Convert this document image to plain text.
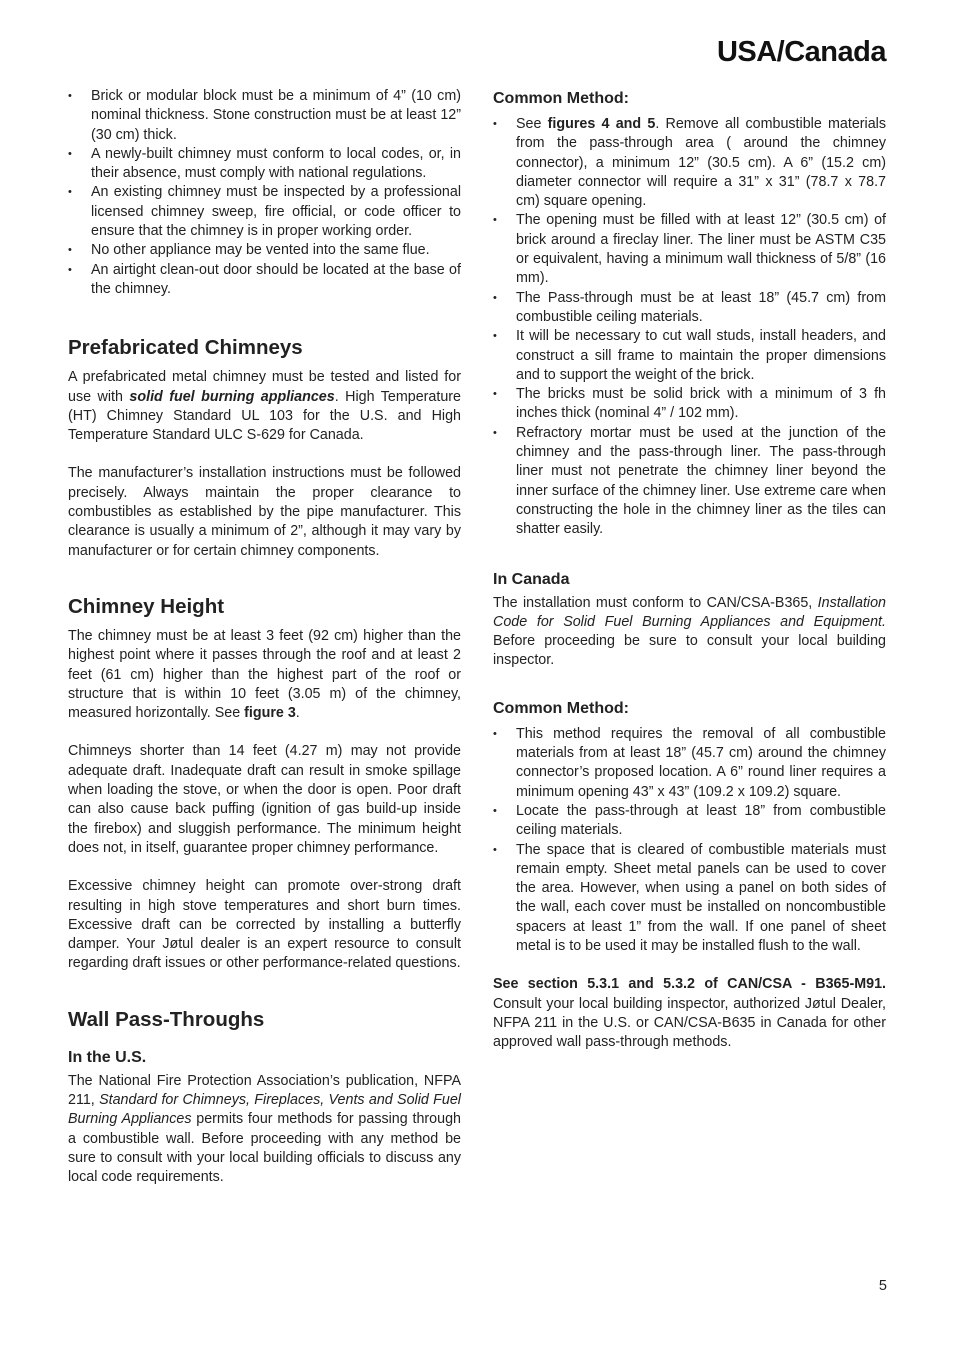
USA/Canada
• Brick or modular block must be a minimum of 4” (10 cm) nominal thickness. Stone construction must be at least 12” (30 cm) thick.
• A newly-built chimney must conform to local codes, or, in their absence, must comply with national regulations.
• An existing chimney must be inspected by a professional licensed chimney sweep, fire official, or code officer to ensure that the chimney is in proper working order.
• No other appliance may be vented into the same flue.
• An airtight clean-out door should be located at the base of the chimney.
Prefabricated Chimneys

A prefabricated metal chimney must be tested and listed for use with solid fuel burning appliances. High Temperature (HT) Chimney Standard UL 103 for the U.S. and High Temperature Standard ULC S-629 for Canada.

The manufacturer’s installation instructions must be followed precisely. Always maintain the proper clearance to combustibles as established by the pipe manufacturer. This clearance is usually a minimum of 2”, although it may vary by manufacturer or for certain chimney components.

Chimney Height

The chimney must be at least 3 feet (92 cm) higher than the highest point where it passes through the roof and at least 2 feet (61 cm) higher than the highest part of the roof or structure that is within 10 feet (3.05 m) of the chimney, measured horizontally. See figure 3.

Chimneys shorter than 14 feet (4.27 m) may not provide adequate draft. Inadequate draft can result in smoke spillage when loading the stove, or when the door is open. Poor draft can also cause back puffing (ignition of gas build-up inside the firebox) and sluggish performance. The minimum height does not, in itself, guarantee proper chimney performance.

Excessive chimney height can promote over-strong draft resulting in high stove temperatures and short burn times. Excessive draft can be corrected by installing a butterfly damper. Your Jøtul dealer is an expert resource to consult regarding draft issues or other performance-related questions.

Wall Pass-Throughs
In the U.S.

The National Fire Protection Association’s publication, NFPA 211, Standard for Chimneys, Fireplaces, Vents and Solid Fuel Burning Appliances permits four methods for passing through a combustible wall. Before proceeding with any method be sure to consult with your local building officials to discuss any local code requirements.

Common Method:
• See figures 4 and 5. Remove all combustible materials from the pass-through area ( around the chimney connector), a minimum 12” (30.5 cm). A 6” (15.2 cm) diameter connector will require a 31” x 31” (78.7 x 78.7 cm) square opening.
• The opening must be filled with at least 12” (30.5 cm) of brick around a fireclay liner. The liner must be ASTM C35 or equivalent, having a minimum wall thickness of 5/8” (16 mm).
• The Pass-through must be at least 18” (45.7 cm) from combustible ceiling materials.
• It will be necessary to cut wall studs, install headers, and construct a sill frame to maintain the proper dimensions and to support the weight of the brick.
• The bricks must be solid brick with a minimum of 3 fh inches thick (nominal 4” / 102 mm).
• Refractory mortar must be used at the junction of the chimney and the pass-through liner. The pass-through liner must not penetrate the chimney liner beyond the inner surface of the chimney liner. Use extreme care when constructing the hole in the chimney liner as the tiles can shatter easily.
In Canada

The installation must conform to CAN/CSA-B365, Installation Code for Solid Fuel Burning Appliances and Equipment. Before proceeding be sure to consult your local building inspector.

Common Method:
• This method requires the removal of all combustible materials from at least 18” (45.7 cm) around the chimney connector’s proposed location. A 6” round liner requires a minimum opening 43” x 43” (109.2 x 109.2) square.
• Locate the pass-through at least 18” from combustible ceiling materials.
• The space that is cleared of combustible materials must remain empty. Sheet metal panels can be used to cover the area. However, when using a panel on both sides of the wall, each cover must be installed on noncombustible spacers at least 1” from the wall. If one panel of sheet metal is to be used it may be installed flush to the wall.

See section 5.3.1 and 5.3.2 of CAN/CSA - B365-M91. Consult your local building inspector, authorized Jøtul Dealer, NFPA 211 in the U.S. or CAN/CSA-B635 in Canada for other approved wall pass-through methods.

5
